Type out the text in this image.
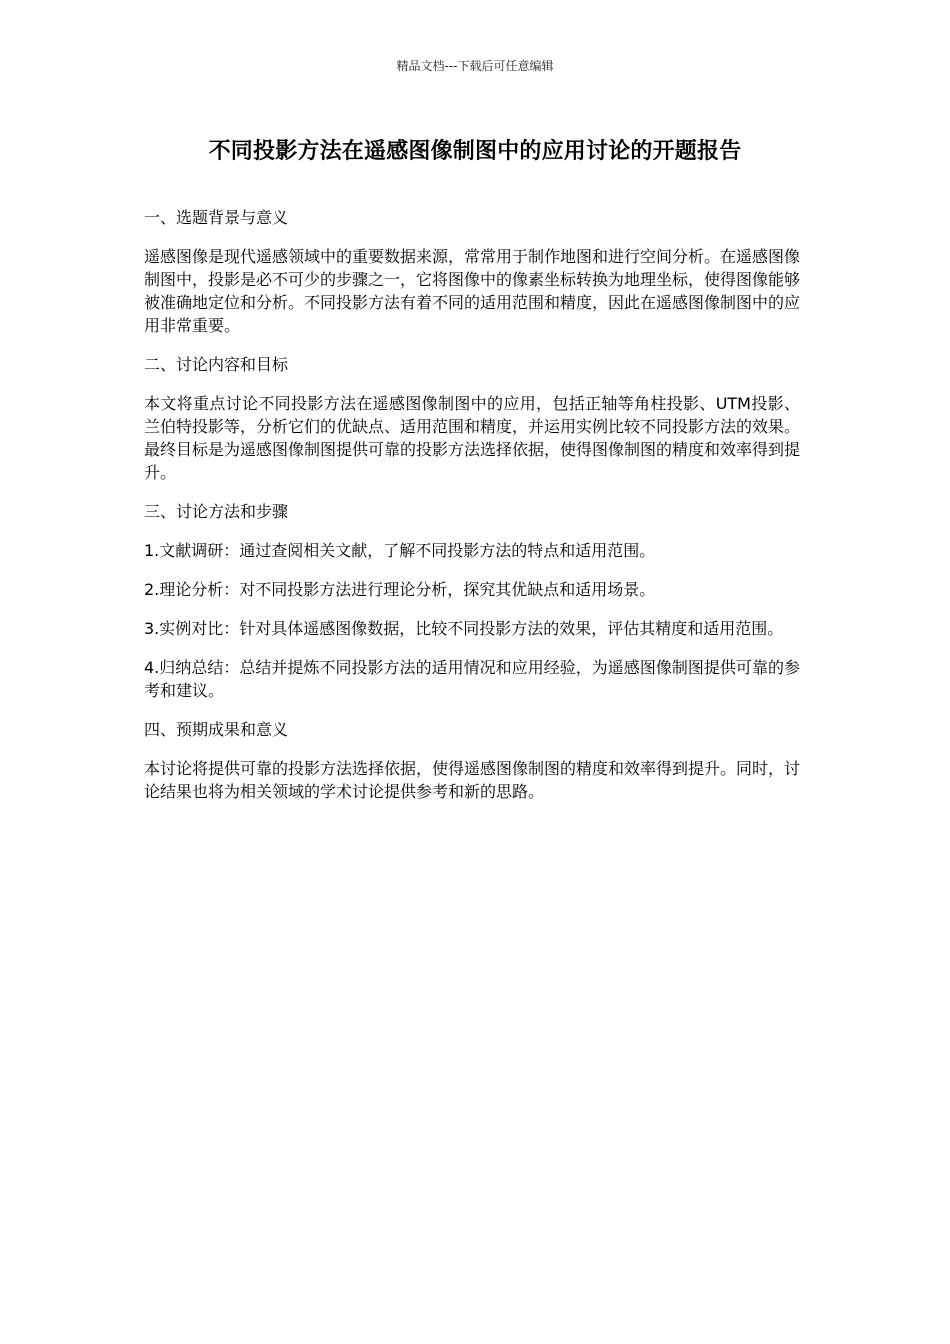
精品文档---下载后可任意编辑
不同投影方法在遥感图像制图中的应用讨论的开题报告

一、选题背景与意义

遥感图像是现代遥感领域中的重要数据来源，常常用于制作地图和进行空间分析。在遥感图像制图中，投影是必不可少的步骤之一，它将图像中的像素坐标转换为地理坐标，使得图像能够被准确地定位和分析。不同投影方法有着不同的适用范围和精度，因此在遥感图像制图中的应用非常重要。

二、讨论内容和目标

本文将重点讨论不同投影方法在遥感图像制图中的应用，包括正轴等角柱投影、UTM投影、兰伯特投影等，分析它们的优缺点、适用范围和精度，并运用实例比较不同投影方法的效果。最终目标是为遥感图像制图提供可靠的投影方法选择依据，使得图像制图的精度和效率得到提升。

三、讨论方法和步骤

1.文献调研：通过查阅相关文献，了解不同投影方法的特点和适用范围。

2.理论分析：对不同投影方法进行理论分析，探究其优缺点和适用场景。

3.实例对比：针对具体遥感图像数据，比较不同投影方法的效果，评估其精度和适用范围。

4.归纳总结：总结并提炼不同投影方法的适用情况和应用经验，为遥感图像制图提供可靠的参考和建议。

四、预期成果和意义

本讨论将提供可靠的投影方法选择依据，使得遥感图像制图的精度和效率得到提升。同时，讨论结果也将为相关领域的学术讨论提供参考和新的思路。
